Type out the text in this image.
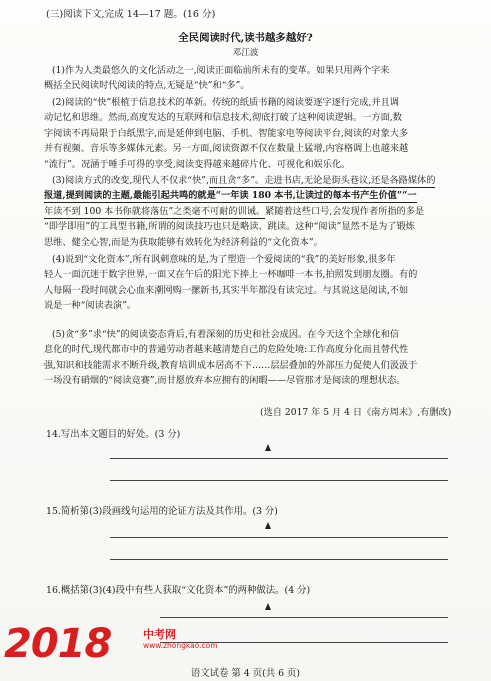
(三)阅读下文,完成 14—17 题。(16 分)
全民阅读时代,读书越多越好?
邓江波

(1)作为人类最悠久的文化活动之一,阅读正面临前所未有的变革。如果只用两个字来

概括全民阅读时代阅读的特点,无疑是“快”和“多”。

(2)阅读的“快”根植于信息技术的革新。传统的纸质书籍的阅读要逐字逐行完成,并且调

动记忆和思维。然而,高度发达的互联网和信息技术,彻底打破了这种阅读逻辑。一方面,数

字阅读不再局限于白纸黑字,而是延伸到电脑、手机、智能家电等阅读平台,阅读的对象大多

并有视频、音乐等多媒体元素。另一方面,阅读资源不仅在数量上猛增,内容格调上也越来越

“流行”。况涵于唾手可得的享受,阅读变得越来越碎片化、可视化和娱乐化。

(3)阅读方式的改变,现代人不仅求“快”,而且贪“多”。走进书店,无论是街头巷议,还是各路媒体的

报道,提到阅读的主题,最能引起共鸣的就是“一年读 180 本书,让读过的每本书产生价值”“一

年读不到 100 本书你就将落伍”之类毫不可耐的训诫。紧随着这些口号,会发现作者所指的多是

“即学即用”的工具型书籍,所谓的阅读技巧也只是略读、跳读。这种“阅读”显然不是为了锻炼

思维、健全心智,而是为获取能够有效转化为经济利益的“文化资本”。

(4)说到“文化资本”,所有讽刺意味的是,为了塑造一个爱阅读的“我”的美好形象,很多年

轻人一面沉迷于数字世界,一面又在午后的阳光下捧上一杯咖啡一本书,拍照发到朋友圈。有的

人每隔一段时间就会心血来潮网购一摞新书,其实半年都没有读完过。与其说这是阅读,不如

说是一种“阅读表演”。

(5)贪“多”求“快”的阅读姿态背后,有着深刻的历史和社会成因。在今天这个全球化和信

息化的时代,现代都市中的普通劳动者越来越清楚自己的危险处境:工作高度分化而且替代性

强,知识和技能需求不断升级,教育培训成本居高不下……层层叠加的外部压力促使人们汲汲于

一场没有硝烟的“阅读竞赛”,而甘愿放弃本应拥有的闲暇——尽管那才是阅读的理想状态。

(选自 2017 年 5 月 4 日《南方周末》,有删改)
14.写出本文题目的好处。(3 分)
15.简析第(3)段画线句运用的论证方法及其作用。(3 分)
16.概括第(3)(4)段中有些人获取“文化资本”的两种做法。(4 分)
2018	中考网
www.zhongkao.com
语文试卷 第 4 页(共 6 页)
